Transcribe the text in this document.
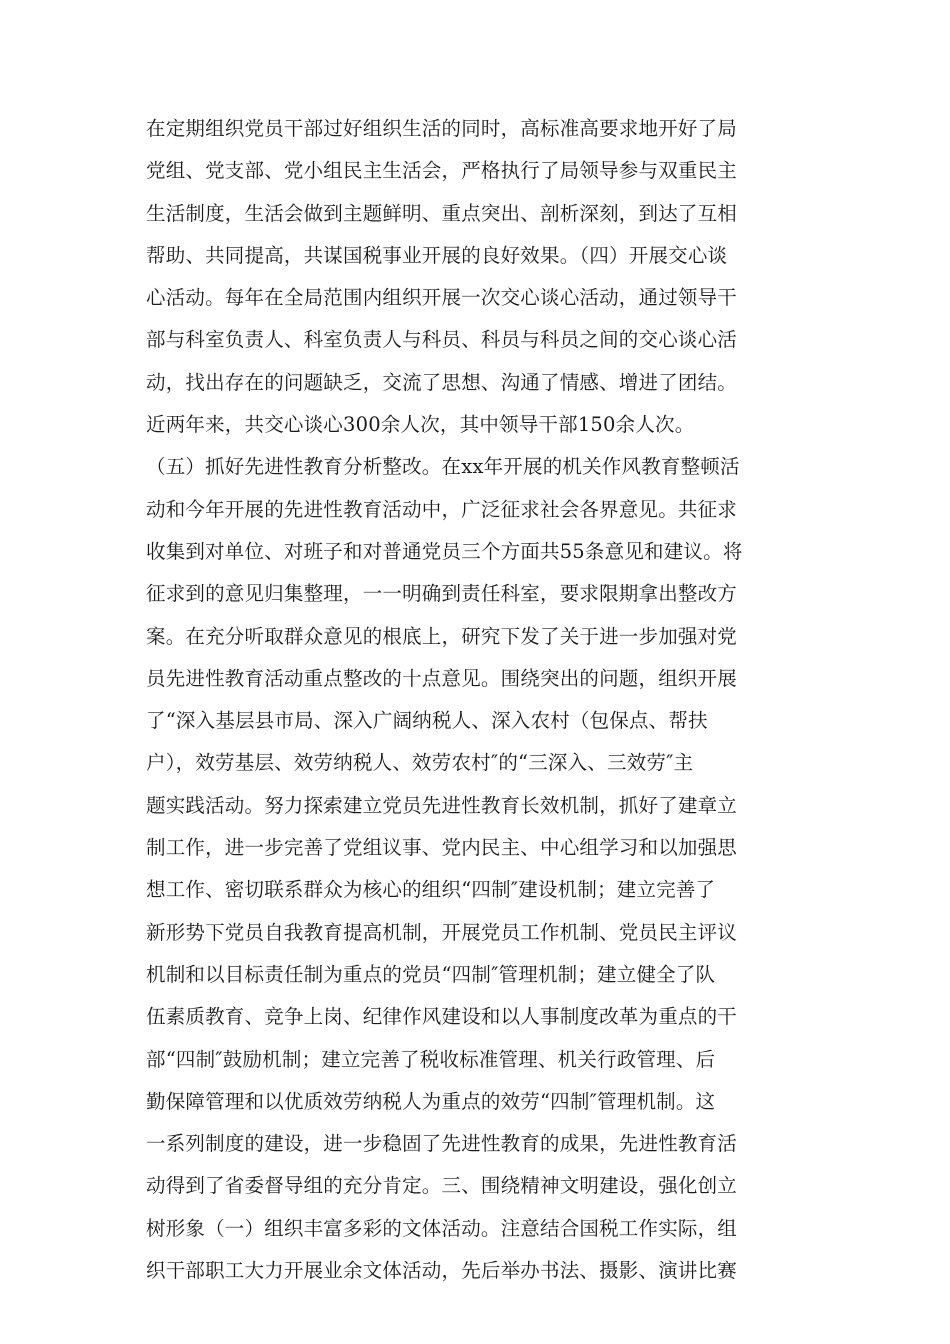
在定期组织党员干部过好组织生活的同时，高标准高要求地开好了局
党组、党支部、党小组民主生活会，严格执行了局领导参与双重民主
生活制度，生活会做到主题鲜明、重点突出、剖析深刻，到达了互相
帮助、共同提高，共谋国税事业开展的良好效果。（四）开展交心谈
心活动。每年在全局范围内组织开展一次交心谈心活动，通过领导干
部与科室负责人、科室负责人与科员、科员与科员之间的交心谈心活
动，找出存在的问题缺乏，交流了思想、沟通了情感、增进了团结。
近两年来，共交心谈心300余人次，其中领导干部150余人次。
（五）抓好先进性教育分析整改。在xx年开展的机关作风教育整顿活
动和今年开展的先进性教育活动中，广泛征求社会各界意见。共征求
收集到对单位、对班子和对普通党员三个方面共55条意见和建议。将
征求到的意见归集整理，一一明确到责任科室，要求限期拿出整改方
案。在充分听取群众意见的根底上，研究下发了关于进一步加强对党
员先进性教育活动重点整改的十点意见。围绕突出的问题，组织开展
了“深入基层县市局、深入广阔纳税人、深入农村（包保点、帮扶
户），效劳基层、效劳纳税人、效劳农村″的“三深入、三效劳″主
题实践活动。努力探索建立党员先进性教育长效机制，抓好了建章立
制工作，进一步完善了党组议事、党内民主、中心组学习和以加强思
想工作、密切联系群众为核心的组织“四制″建设机制；建立完善了
新形势下党员自我教育提高机制，开展党员工作机制、党员民主评议
机制和以目标责任制为重点的党员“四制″管理机制；建立健全了队
伍素质教育、竞争上岗、纪律作风建设和以人事制度改革为重点的干
部“四制″鼓励机制；建立完善了税收标准管理、机关行政管理、后
勤保障管理和以优质效劳纳税人为重点的效劳“四制″管理机制。这
一系列制度的建设，进一步稳固了先进性教育的成果，先进性教育活
动得到了省委督导组的充分肯定。三、围绕精神文明建设，强化创立
树形象（一）组织丰富多彩的文体活动。注意结合国税工作实际，组
织干部职工大力开展业余文体活动，先后举办书法、摄影、演讲比赛
